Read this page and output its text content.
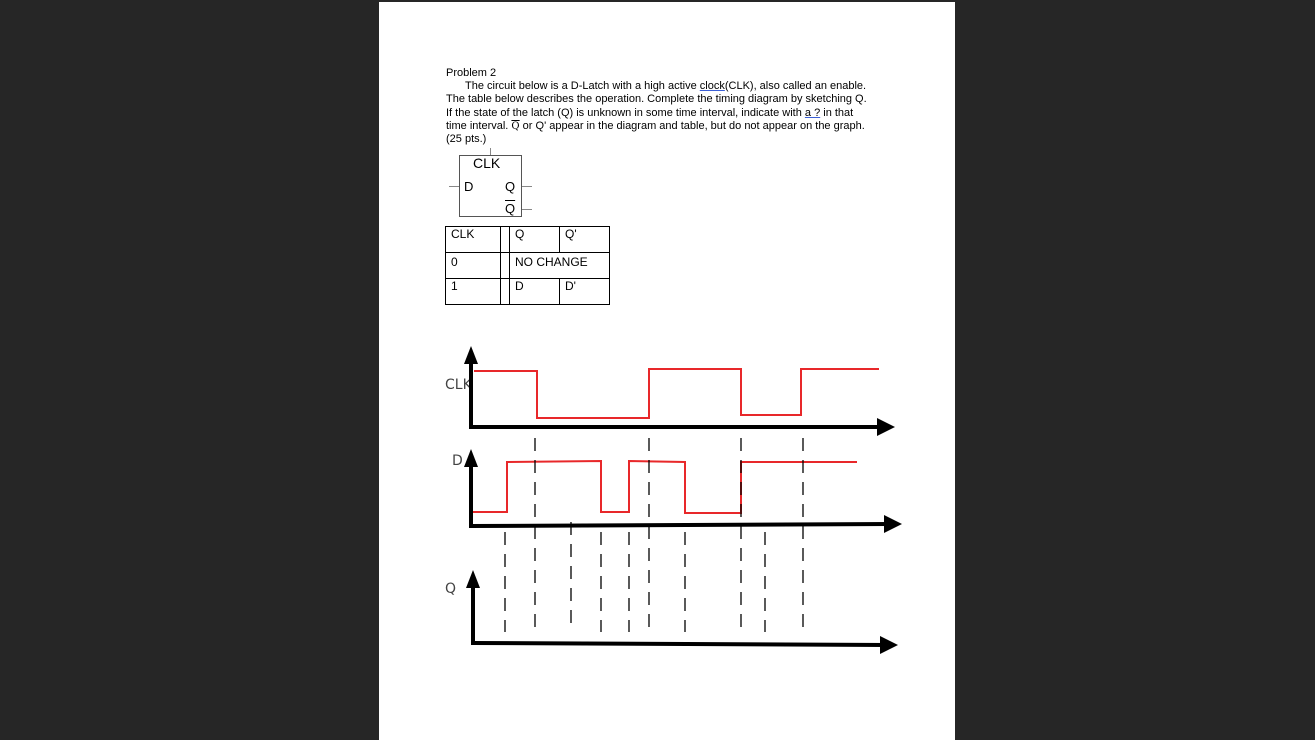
Problem 2

The circuit below is a D-Latch with a high active clock(CLK), also called an enable.

The table below describes the operation. Complete the timing diagram by sketching Q.

If the state of the latch (Q) is unknown in some time interval, indicate with a ? in that

time interval. $\overline{Q}$ or Q' appear in the diagram and table, but do not appear on the graph.

(25 pts.)

CLK
D Q
$\overline{Q}$
CLK		Q	Q'
0		NO CHANGE	
1		D	D'
CLK
D
Q
